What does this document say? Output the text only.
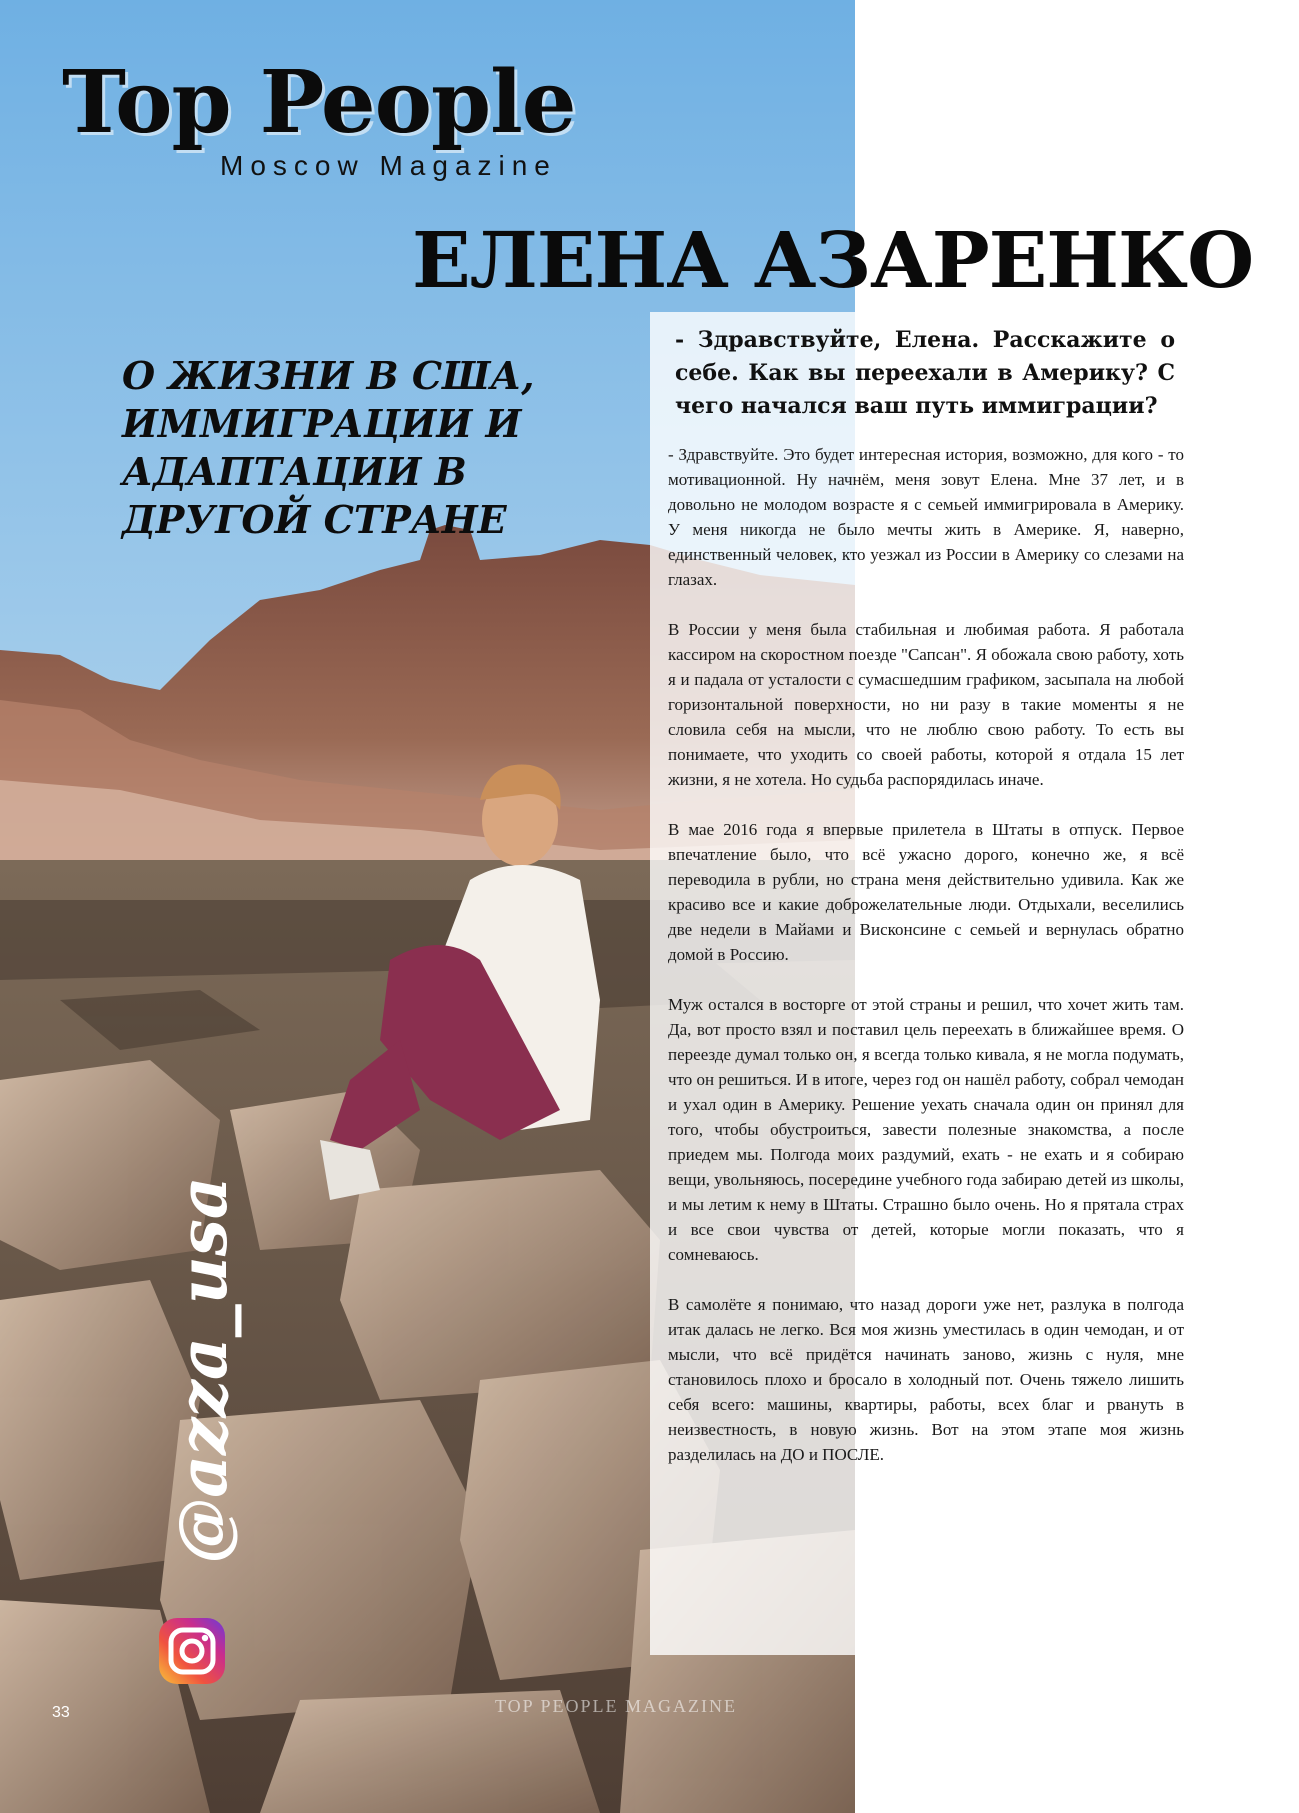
Top People
Moscow Magazine
ЕЛЕНА АЗАРЕНКО
О ЖИЗНИ В США, ИММИГРАЦИИ И АДАПТАЦИИ В ДРУГОЙ СТРАНЕ

- Здравствуйте, Елена. Расскажите о себе. Как вы переехали в Америку? С чего начался ваш путь иммиграции?

- Здравствуйте. Это будет интересная история, возможно, для кого - то мотивационной. Ну начнём, меня зовут Елена. Мне 37 лет, и в довольно не молодом возрасте я с семьей иммигрировала в Америку. У меня никогда не было мечты жить в Америке. Я, наверно, единственный человек, кто уезжал из России в Америку со слезами на глазах.

В России у меня была стабильная и любимая работа. Я работала кассиром на скоростном поезде "Сапсан". Я обожала свою работу, хоть я и падала от усталости с сумасшедшим графиком, засыпала на любой горизонтальной поверхности, но ни разу в такие моменты я не словила себя на мысли, что не люблю свою работу. То есть вы понимаете, что уходить со своей работы, которой я отдала 15 лет жизни, я не хотела. Но судьба распорядилась иначе.

В мае 2016 года я впервые прилетела в Штаты в отпуск. Первое впечатление было, что всё ужасно дорого, конечно же, я всё переводила в рубли, но страна меня действительно удивила. Как же красиво все и какие доброжелательные люди. Отдыхали, веселились две недели в Майами и Висконсине с семьей и вернулась обратно домой в Россию.

Муж остался в восторге от этой страны и решил, что хочет жить там. Да, вот просто взял и поставил цель переехать в ближайшее время. О переезде думал только он, я всегда только кивала, я не могла подумать, что он решиться. И в итоге, через год он нашёл работу, собрал чемодан и ухал один в Америку. Решение уехать сначала один он принял для того, чтобы обустроиться, завести полезные знакомства, а после приедем мы. Полгода моих раздумий, ехать - не ехать и я собираю вещи, увольняюсь, посередине учебного года забираю детей из школы, и мы летим к нему в Штаты. Страшно было очень. Но я прятала страх и все свои чувства от детей, которые могли показать, что я сомневаюсь.

В самолёте я понимаю, что назад дороги уже нет, разлука в полгода итак далась не легко. Вся моя жизнь уместилась в один чемодан, и от мысли, что всё придётся начинать заново, жизнь с нуля, мне становилось плохо и бросало в холодный пот. Очень тяжело лишить себя всего: машины, квартиры, работы, всех благ и рвануть в неизвестность, в новую жизнь. Вот на этом этапе моя жизнь разделилась на ДО и ПОСЛЕ.

@azza_usa
33	TOP PEOPLE MAGAZINE
